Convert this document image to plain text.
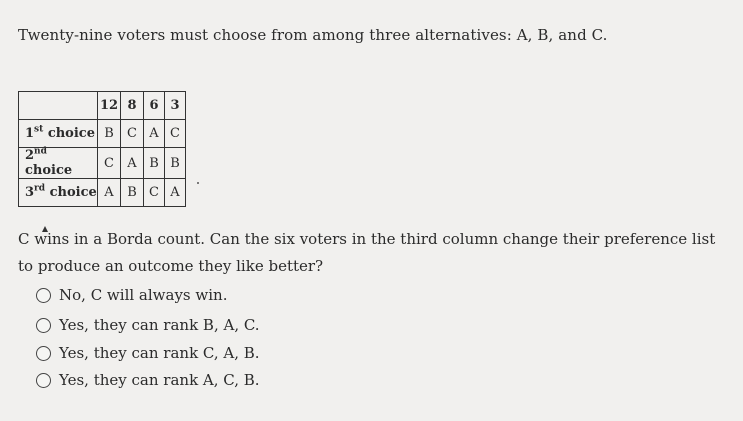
Twenty-nine voters must choose from among three alternatives: A, B, and C.
	12	8	6	3
1st choice	B	C	A	C
2nd choice	C	A	B	B
3rd choice	A	B	C	A
C wins in a Borda count. Can the six voters in the third column change their preference list to produce an outcome they like better?
No, C will always win.
Yes, they can rank B, A, C.
Yes, they can rank C, A, B.
Yes, they can rank A, C, B.
